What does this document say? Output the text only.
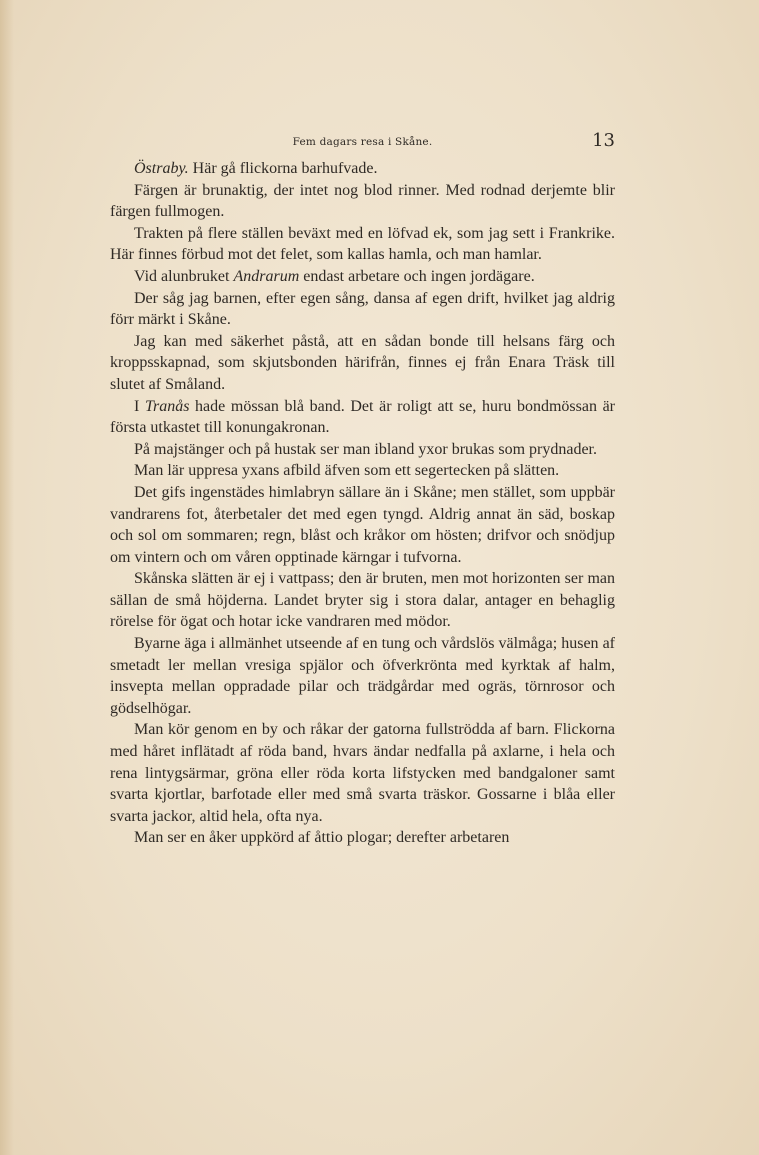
Fem dagars resa i Skåne.	13

Östraby. Här gå flickorna barhufvade.

Färgen är brunaktig, der intet nog blod rinner. Med rodnad derjemte blir färgen fullmogen.

Trakten på flere ställen beväxt med en löfvad ek, som jag sett i Frankrike. Här finnes förbud mot det felet, som kallas hamla, och man hamlar.

Vid alunbruket Andrarum endast arbetare och ingen jordägare.

Der såg jag barnen, efter egen sång, dansa af egen drift, hvilket jag aldrig förr märkt i Skåne.

Jag kan med säkerhet påstå, att en sådan bonde till helsans färg och kroppsskapnad, som skjutsbonden härifrån, finnes ej från Enara Träsk till slutet af Småland.

I Tranås hade mössan blå band. Det är roligt att se, huru bondmössan är första utkastet till konungakronan.

På majstänger och på hustak ser man ibland yxor brukas som prydnader.

Man lär uppresa yxans afbild äfven som ett segertecken på slätten.

Det gifs ingenstädes himlabryn sällare än i Skåne; men stället, som uppbär vandrarens fot, återbetaler det med egen tyngd. Aldrig annat än säd, boskap och sol om sommaren; regn, blåst och kråkor om hösten; drifvor och snödjup om vintern och om våren opptinade kärngar i tufvorna.

Skånska slätten är ej i vattpass; den är bruten, men mot horizonten ser man sällan de små höjderna. Landet bryter sig i stora dalar, antager en behaglig rörelse för ögat och hotar icke vandraren med mödor.

Byarne äga i allmänhet utseende af en tung och vårdslös välmåga; husen af smetadt ler mellan vresiga spjälor och öfverkrönta med kyrktak af halm, insvepta mellan oppradade pilar och trädgårdar med ogräs, törnrosor och gödselhögar.

Man kör genom en by och råkar der gatorna fullströdda af barn. Flickorna med håret inflätadt af röda band, hvars ändar nedfalla på axlarne, i hela och rena lintygsärmar, gröna eller röda korta lifstycken med bandgaloner samt svarta kjortlar, barfotade eller med små svarta träskor. Gossarne i blåa eller svarta jackor, altid hela, ofta nya.

Man ser en åker uppkörd af åttio plogar; derefter arbetaren
